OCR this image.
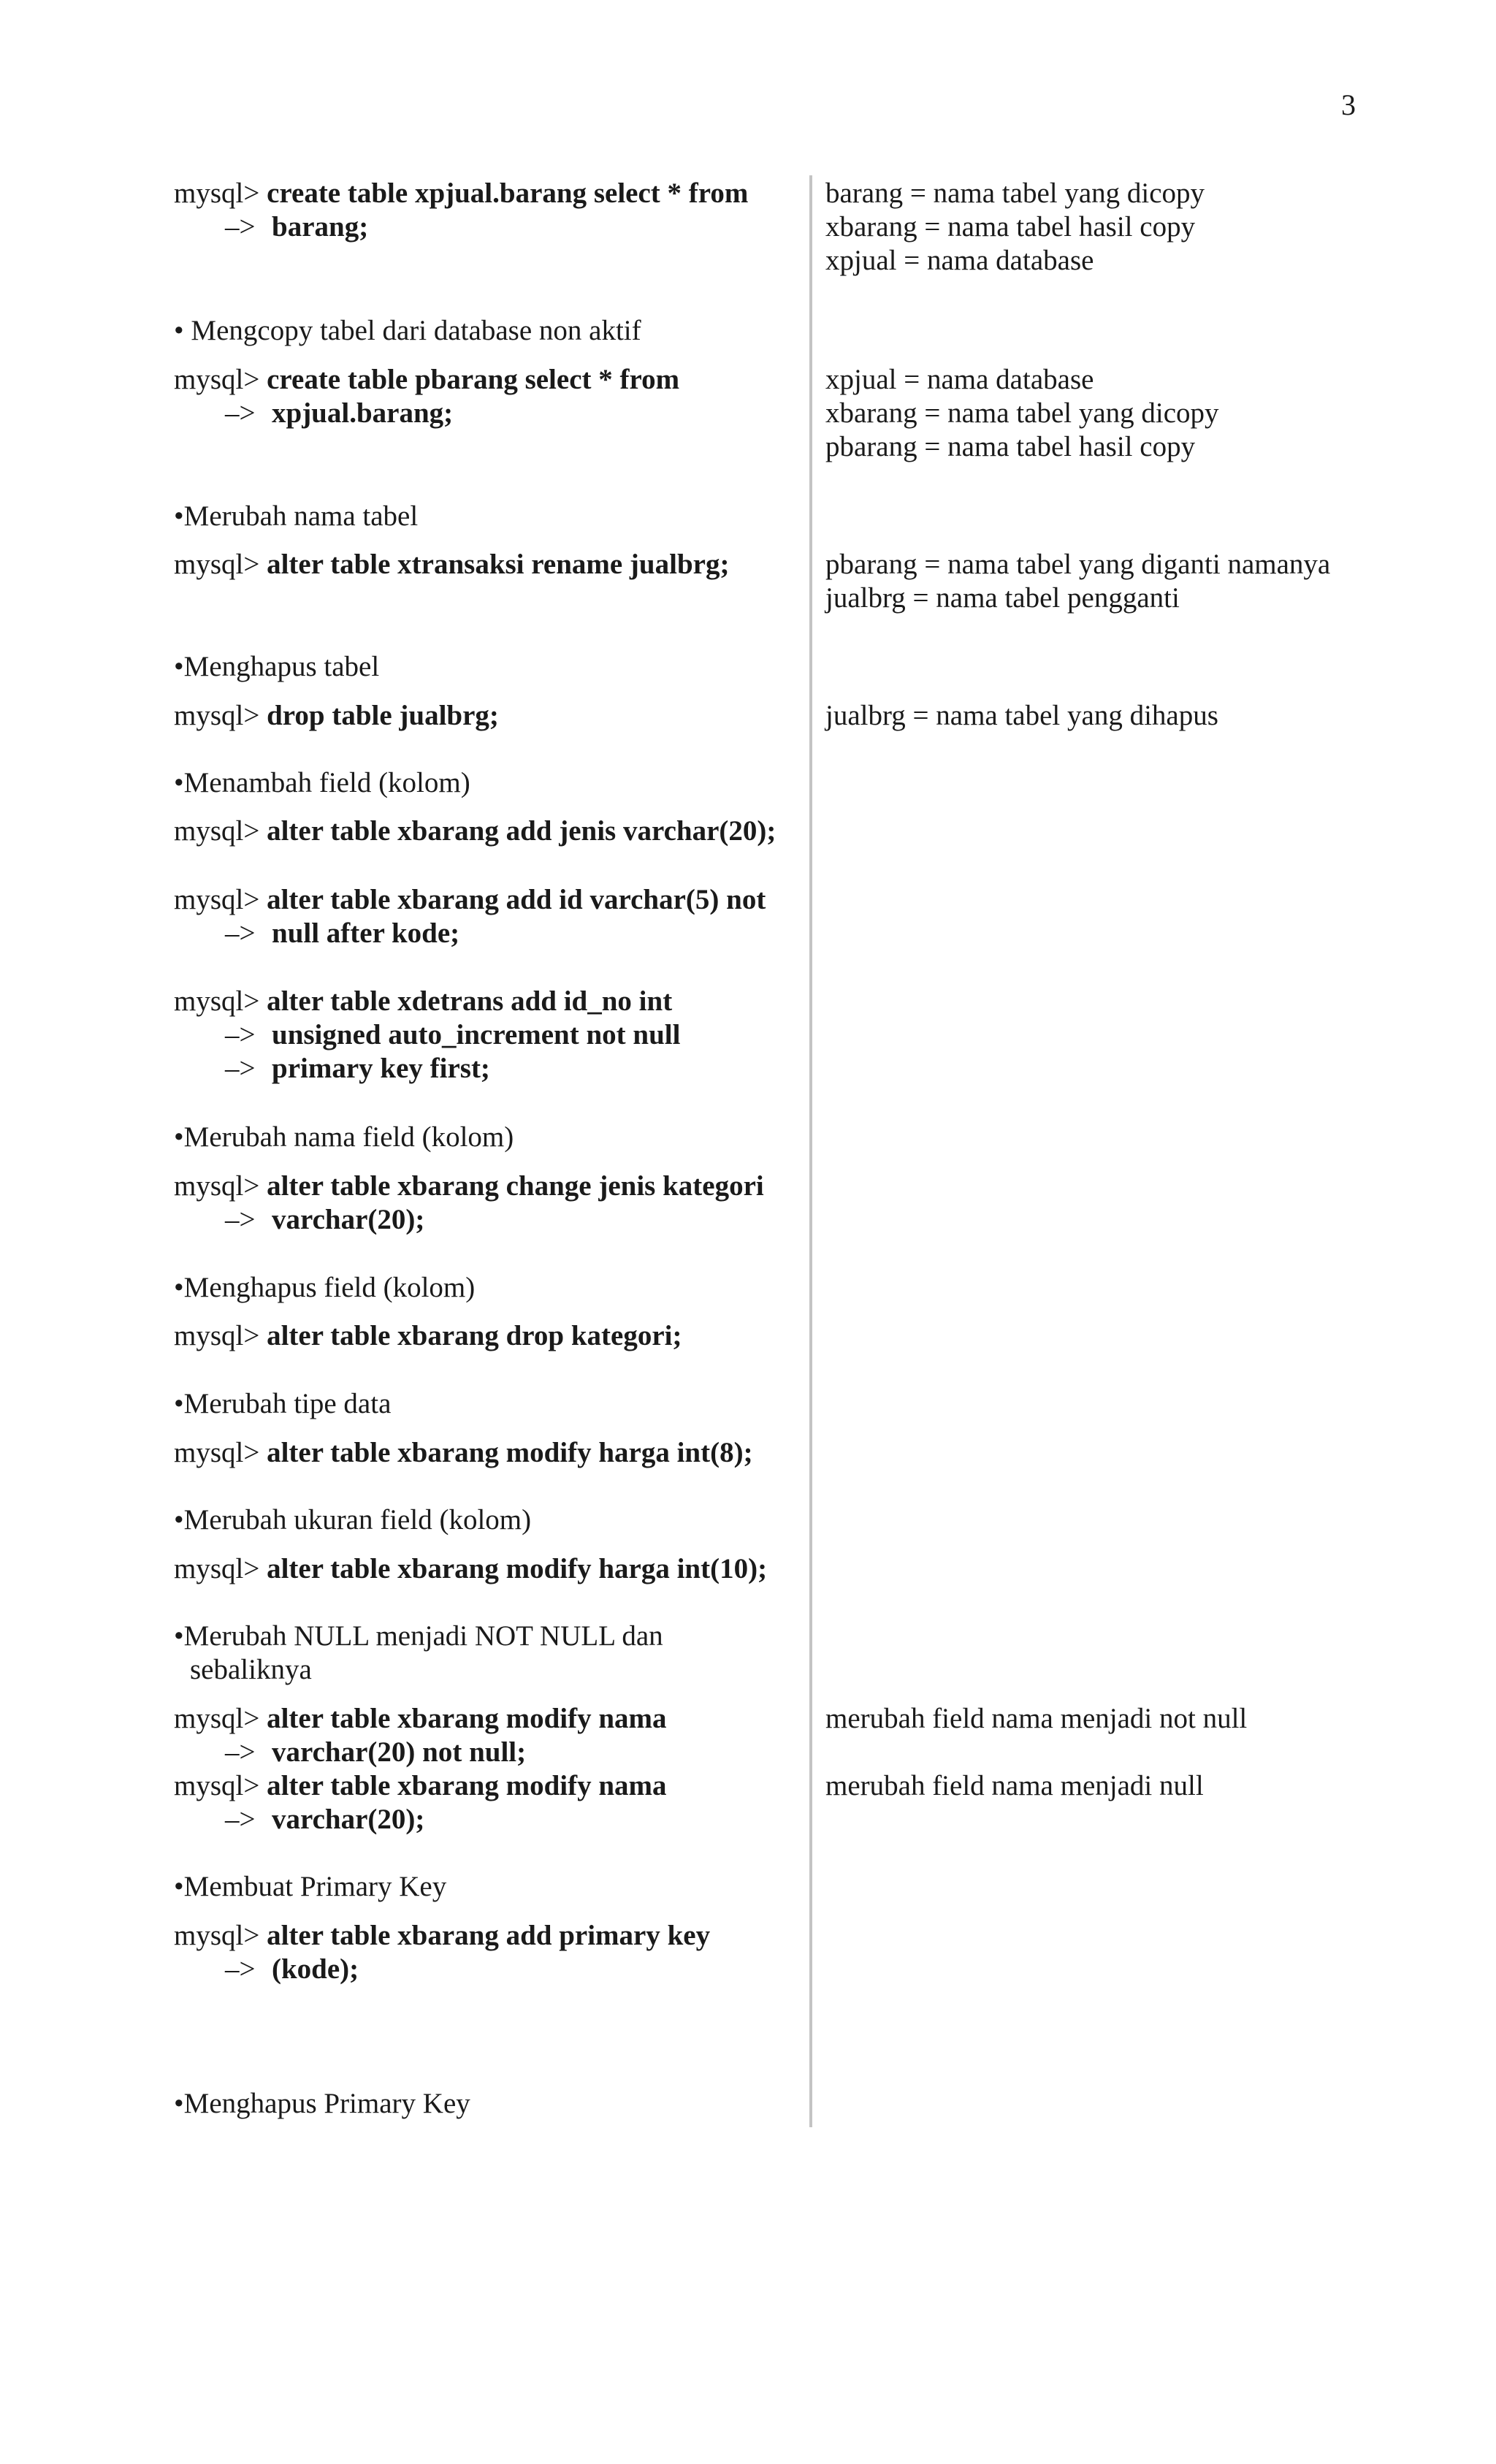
3
mysql> create table xpjual.barang select * from
–> barang;
barang = nama tabel yang dicopy
xbarang = nama tabel hasil copy
xpjual = nama database
• Mengcopy tabel dari database non aktif
mysql> create table pbarang select * from
–> xpjual.barang;
xpjual = nama database
xbarang = nama tabel yang dicopy
pbarang = nama tabel hasil copy
•Merubah nama tabel
mysql> alter table xtransaksi rename jualbrg;	pbarang = nama tabel yang diganti namanya
jualbrg = nama tabel pengganti
•Menghapus tabel
mysql> drop table jualbrg;	jualbrg = nama tabel yang dihapus
•Menambah field (kolom)
mysql> alter table xbarang add jenis varchar(20);
mysql> alter table xbarang add id varchar(5) not
–> null after kode;
mysql> alter table xdetrans add id_no int
–> unsigned auto_increment not null
–> primary key first;
•Merubah nama field (kolom)
mysql> alter table xbarang change jenis kategori
–> varchar(20);
•Menghapus field (kolom)
mysql> alter table xbarang drop kategori;
•Merubah tipe data
mysql> alter table xbarang modify harga int(8);
•Merubah ukuran field (kolom)
mysql> alter table xbarang modify harga int(10);
•Merubah NULL menjadi NOT NULL dan
sebaliknya
mysql> alter table xbarang modify nama
–> varchar(20) not null;
merubah field nama menjadi not null
mysql> alter table xbarang modify nama
–> varchar(20);
merubah field nama menjadi null
•Membuat Primary Key
mysql> alter table xbarang add primary key
–> (kode);
•Menghapus Primary Key
